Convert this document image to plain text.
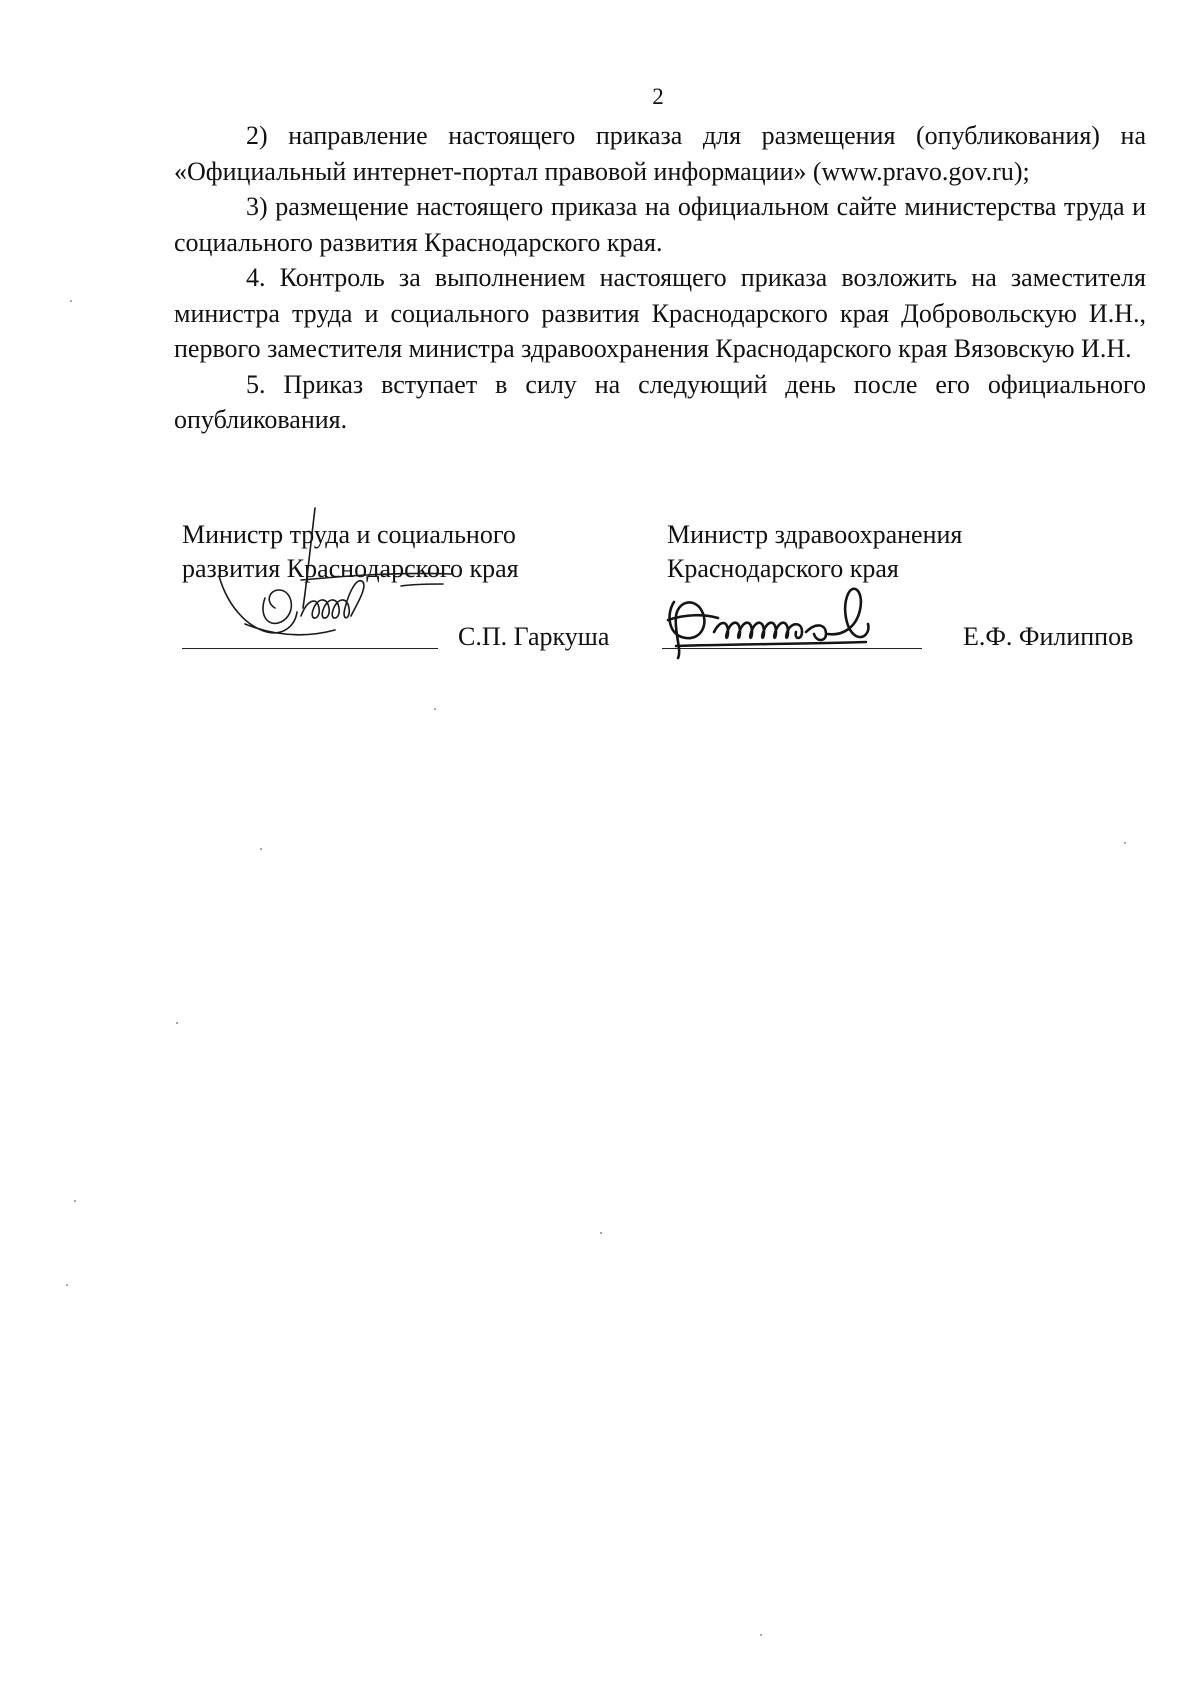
2

2) направление настоящего приказа для размещения (опубликования) на «Официальный интернет-портал правовой информации» (www.pravo.gov.ru);

3) размещение настоящего приказа на официальном сайте министерства труда и социального развития Краснодарского края.

4. Контроль за выполнением настоящего приказа возложить на заместителя министра труда и социального развития Краснодарского края Добровольскую И.Н., первого заместителя министра здравоохранения Краснодарского края Вязовскую И.Н.

5. Приказ вступает в силу на следующий день после его официального опубликования.

Министр труда и социального
развития Краснодарского края
Министр здравоохранения
Краснодарского края
С.П. Гаркуша	Е.Ф. Филиппов
